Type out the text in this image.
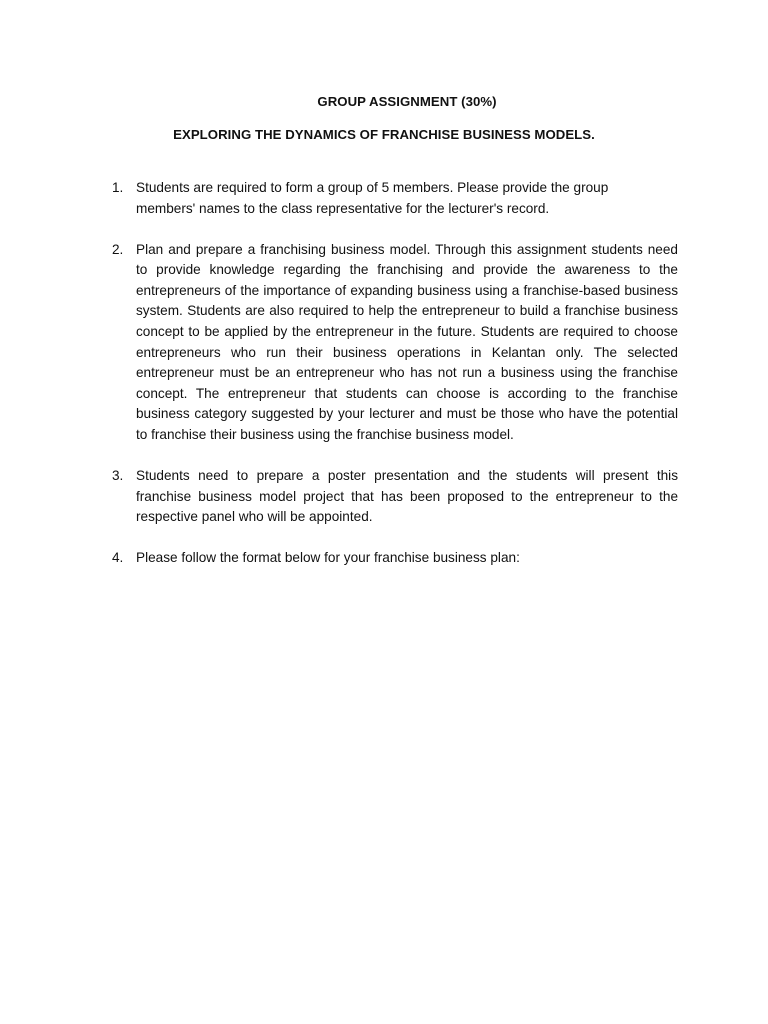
GROUP ASSIGNMENT (30%)
EXPLORING THE DYNAMICS OF FRANCHISE BUSINESS MODELS.
1. Students are required to form a group of 5 members. Please provide the group members' names to the class representative for the lecturer's record.
2. Plan and prepare a franchising business model. Through this assignment students need to provide knowledge regarding the franchising and provide the awareness to the entrepreneurs of the importance of expanding business using a franchise-based business system. Students are also required to help the entrepreneur to build a franchise business concept to be applied by the entrepreneur in the future. Students are required to choose entrepreneurs who run their business operations in Kelantan only. The selected entrepreneur must be an entrepreneur who has not run a business using the franchise concept. The entrepreneur that students can choose is according to the franchise business category suggested by your lecturer and must be those who have the potential to franchise their business using the franchise business model.
3. Students need to prepare a poster presentation and the students will present this franchise business model project that has been proposed to the entrepreneur to the respective panel who will be appointed.
4. Please follow the format below for your franchise business plan:
